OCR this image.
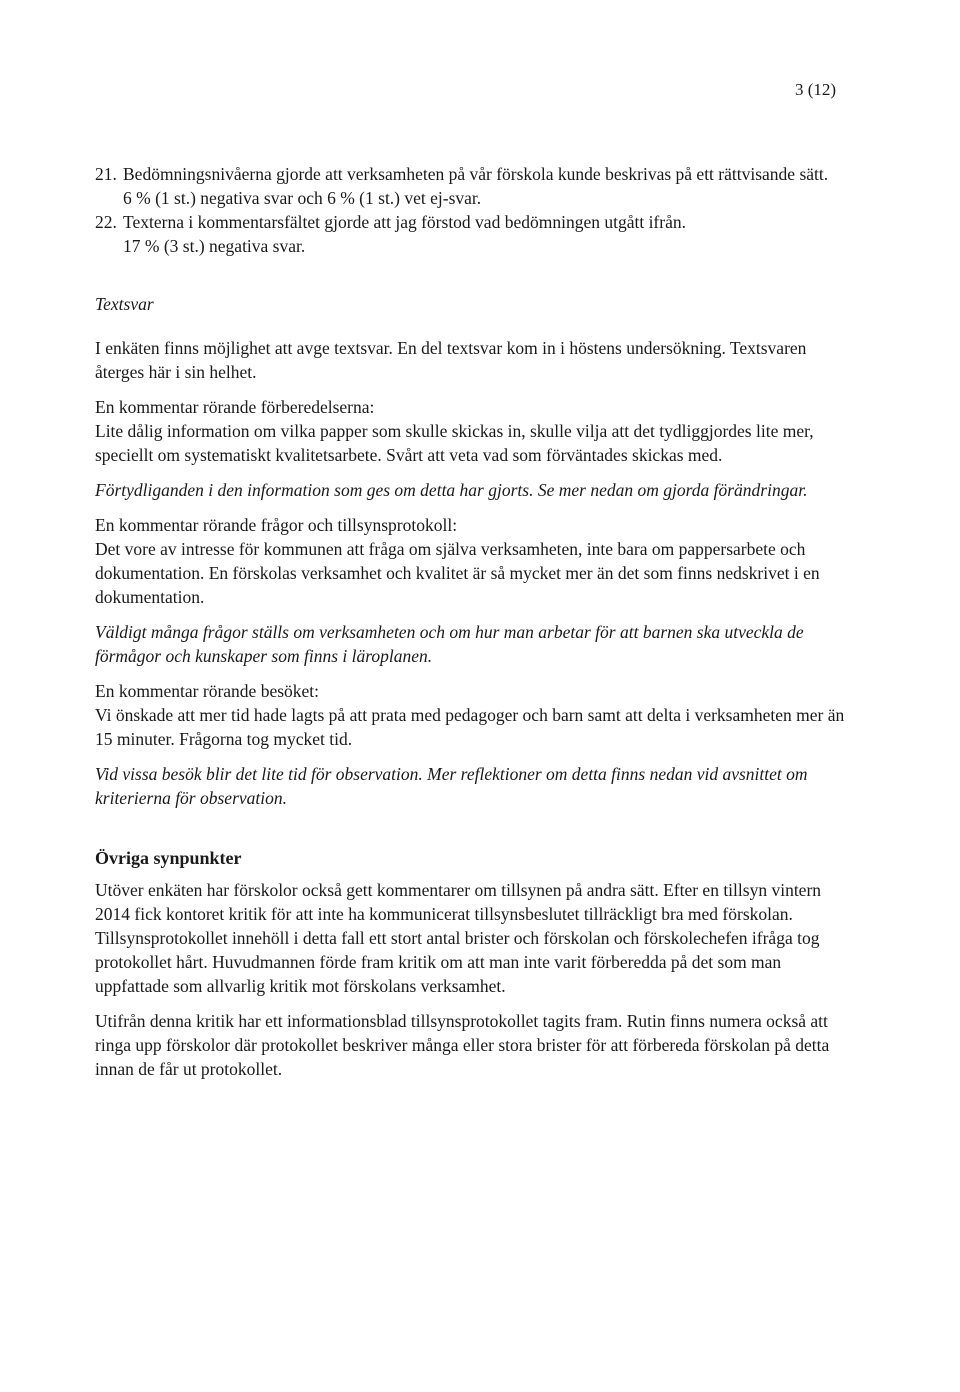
3 (12)
21. Bedömningsnivåerna gjorde att verksamheten på vår förskola kunde beskrivas på ett rättvisande sätt.
6 % (1 st.) negativa svar och 6 % (1 st.) vet ej-svar.
22. Texterna i kommentarsfältet gjorde att jag förstod vad bedömningen utgått ifrån.
17 % (3 st.) negativa svar.
Textsvar

I enkäten finns möjlighet att avge textsvar. En del textsvar kom in i höstens undersökning. Textsvaren återges här i sin helhet.

En kommentar rörande förberedelserna:

Lite dålig information om vilka papper som skulle skickas in, skulle vilja att det tydliggjordes lite mer, speciellt om systematiskt kvalitetsarbete. Svårt att veta vad som förväntades skickas med.

Förtydliganden i den information som ges om detta har gjorts. Se mer nedan om gjorda förändringar.

En kommentar rörande frågor och tillsynsprotokoll:

Det vore av intresse för kommunen att fråga om själva verksamheten, inte bara om pappersarbete och dokumentation. En förskolas verksamhet och kvalitet är så mycket mer än det som finns nedskrivet i en dokumentation.

Väldigt många frågor ställs om verksamheten och om hur man arbetar för att barnen ska utveckla de förmågor och kunskaper som finns i läroplanen.

En kommentar rörande besöket:

Vi önskade att mer tid hade lagts på att prata med pedagoger och barn samt att delta i verksamheten mer än 15 minuter. Frågorna tog mycket tid.

Vid vissa besök blir det lite tid för observation. Mer reflektioner om detta finns nedan vid avsnittet om kriterierna för observation.

Övriga synpunkter

Utöver enkäten har förskolor också gett kommentarer om tillsynen på andra sätt. Efter en tillsyn vintern 2014 fick kontoret kritik för att inte ha kommunicerat tillsynsbeslutet tillräckligt bra med förskolan. Tillsynsprotokollet innehöll i detta fall ett stort antal brister och förskolan och förskolechefen ifråga tog protokollet hårt. Huvudmannen förde fram kritik om att man inte varit förberedda på det som man uppfattade som allvarlig kritik mot förskolans verksamhet.

Utifrån denna kritik har ett informationsblad tillsynsprotokollet tagits fram. Rutin finns numera också att ringa upp förskolor där protokollet beskriver många eller stora brister för att förbereda förskolan på detta innan de får ut protokollet.
